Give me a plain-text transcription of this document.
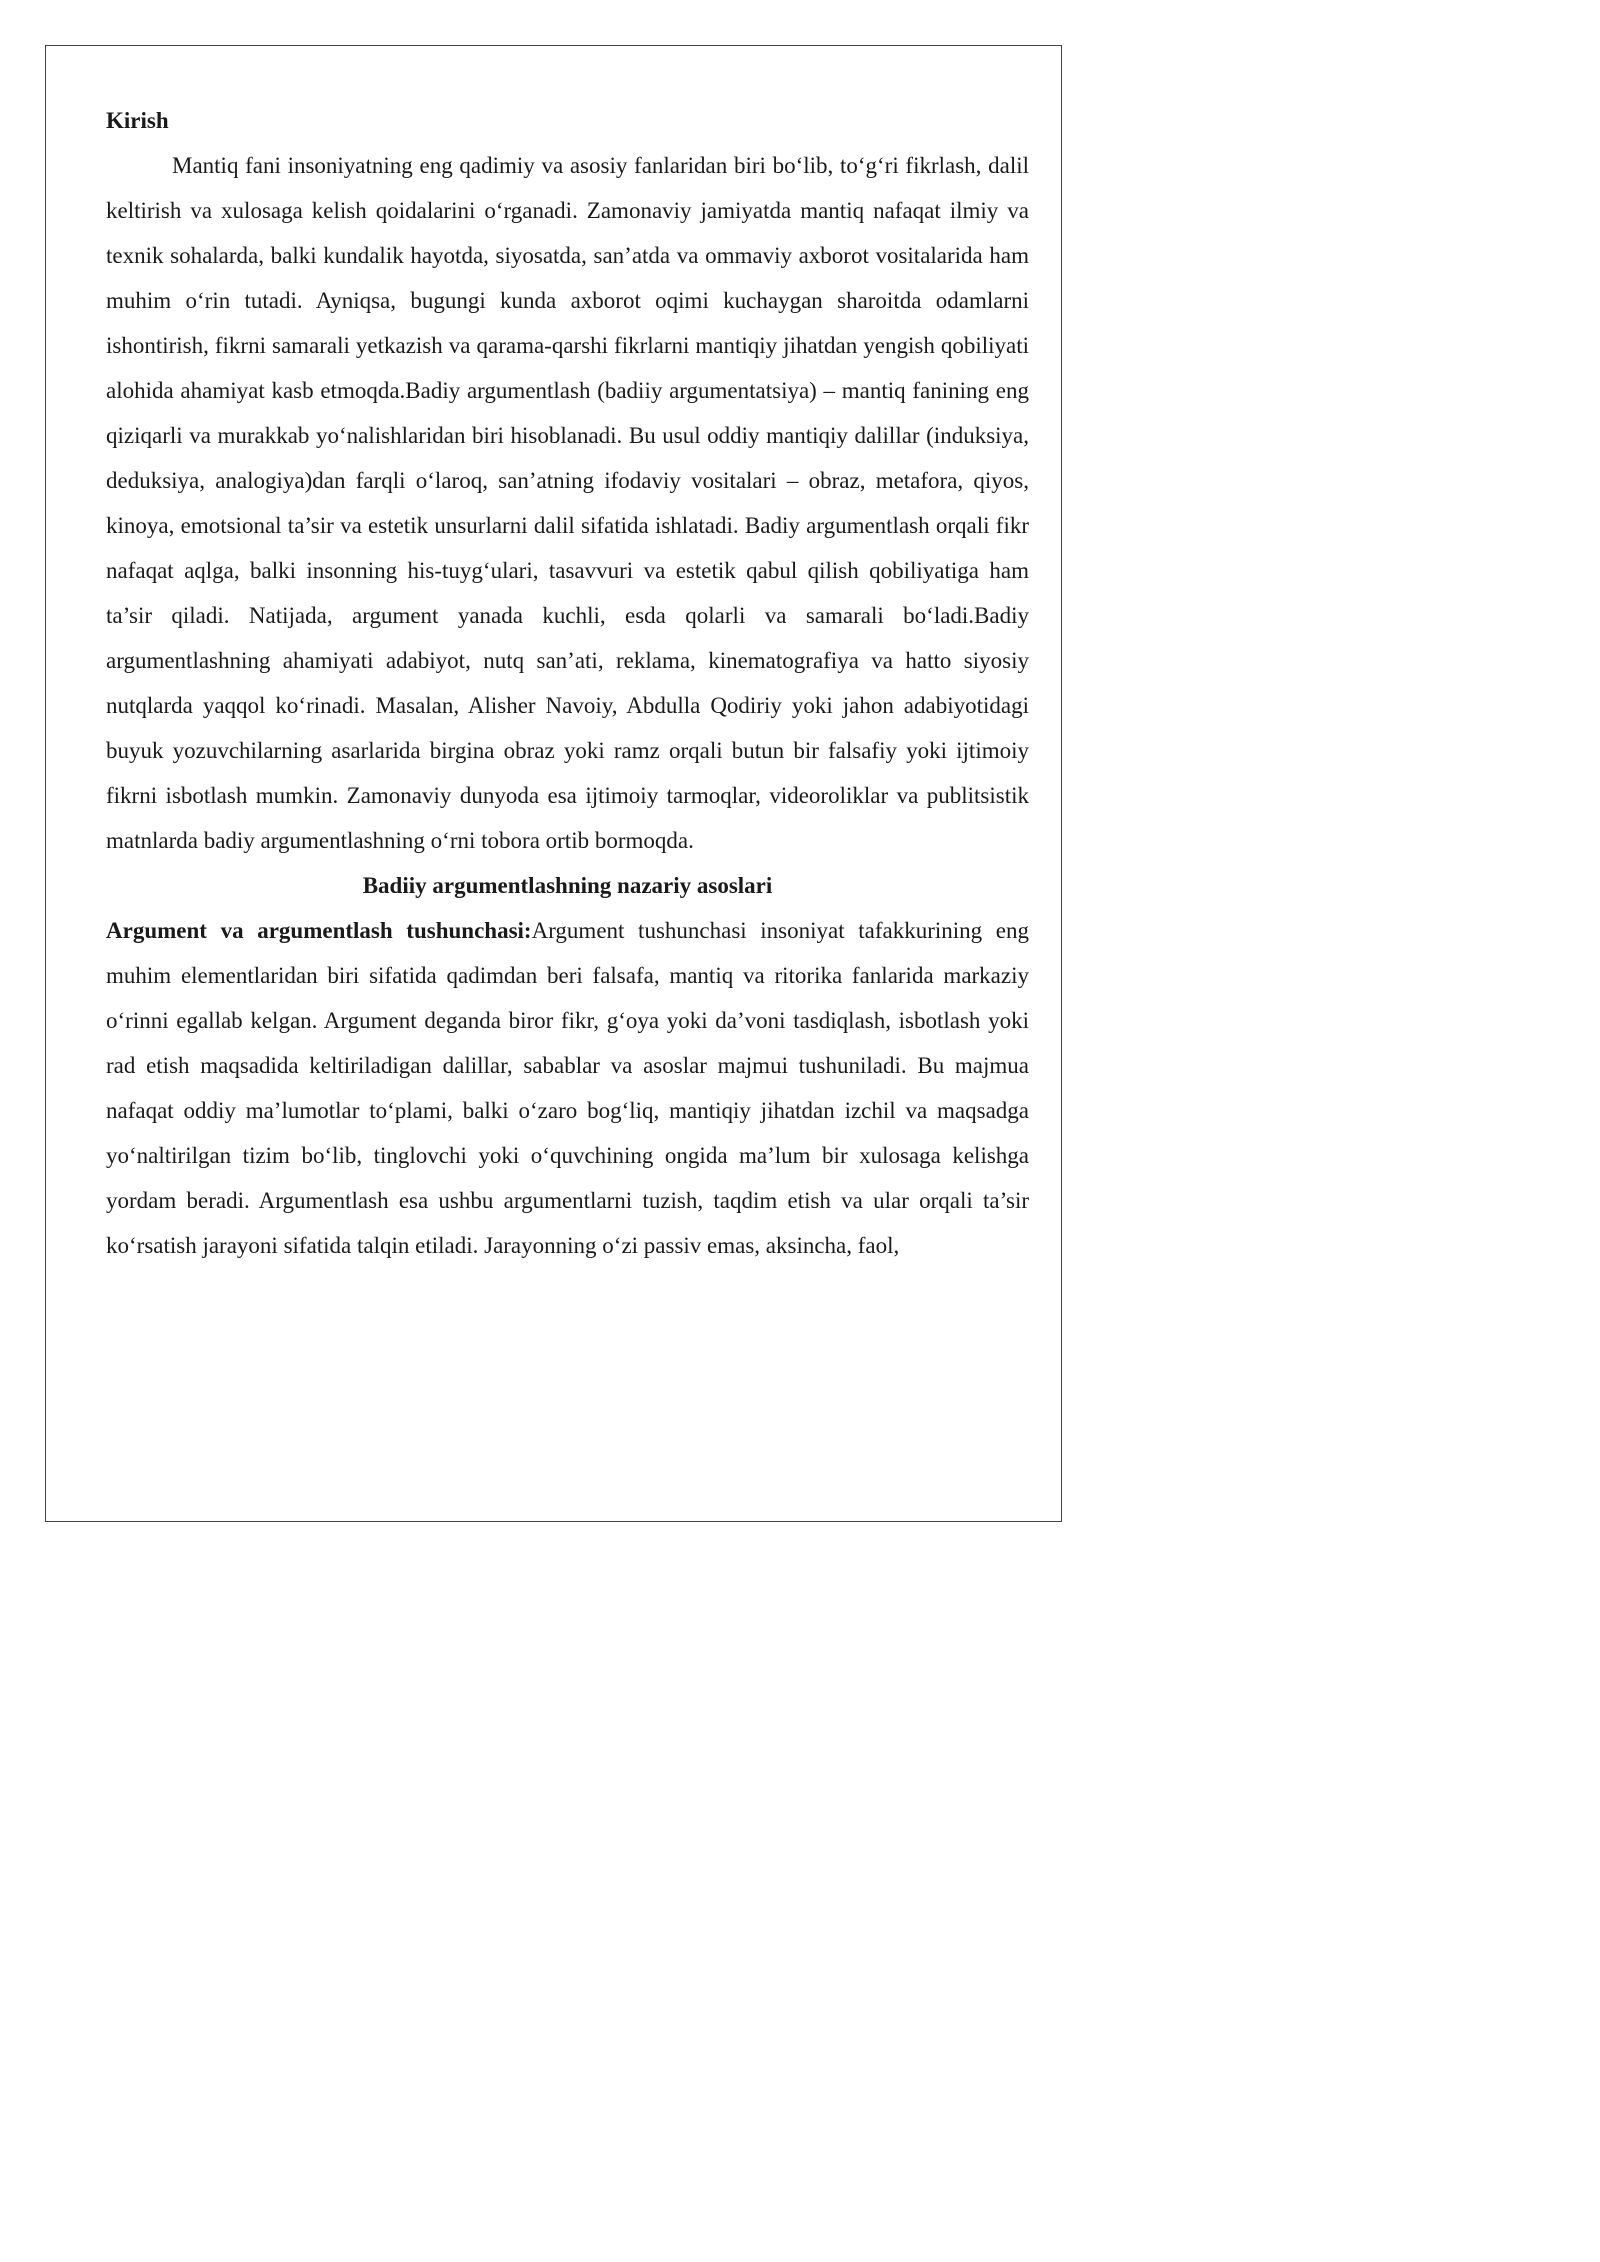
Kirish

Mantiq fani insoniyatning eng qadimiy va asosiy fanlaridan biri bo‘lib, to‘g‘ri fikrlash, dalil keltirish va xulosaga kelish qoidalarini o‘rganadi. Zamonaviy jamiyatda mantiq nafaqat ilmiy va texnik sohalarda, balki kundalik hayotda, siyosatda, san’atda va ommaviy axborot vositalarida ham muhim o‘rin tutadi. Ayniqsa, bugungi kunda axborot oqimi kuchaygan sharoitda odamlarni ishontirish, fikrni samarali yetkazish va qarama-qarshi fikrlarni mantiqiy jihatdan yengish qobiliyati alohida ahamiyat kasb etmoqda.Badiy argumentlash (badiiy argumentatsiya) – mantiq fanining eng qiziqarli va murakkab yo‘nalishlaridan biri hisoblanadi. Bu usul oddiy mantiqiy dalillar (induksiya, deduksiya, analogiya)dan farqli o‘laroq, san’atning ifodaviy vositalari – obraz, metafora, qiyos, kinoya, emotsional ta’sir va estetik unsurlarni dalil sifatida ishlatadi. Badiy argumentlash orqali fikr nafaqat aqlga, balki insonning his-tuyg‘ulari, tasavvuri va estetik qabul qilish qobiliyatiga ham ta’sir qiladi. Natijada, argument yanada kuchli, esda qolarli va samarali bo‘ladi.Badiy argumentlashning ahamiyati adabiyot, nutq san’ati, reklama, kinematografiya va hatto siyosiy nutqlarda yaqqol ko‘rinadi. Masalan, Alisher Navoiy, Abdulla Qodiriy yoki jahon adabiyotidagi buyuk yozuvchilarning asarlarida birgina obraz yoki ramz orqali butun bir falsafiy yoki ijtimoiy fikrni isbotlash mumkin. Zamonaviy dunyoda esa ijtimoiy tarmoqlar, videoroliklar va publitsistik matnlarda badiy argumentlashning o‘rni tobora ortib bormoqda.

Badiiy argumentlashning nazariy asoslari

Argument va argumentlash tushunchasi:Argument tushunchasi insoniyat tafakkurining eng muhim elementlaridan biri sifatida qadimdan beri falsafa, mantiq va ritorika fanlarida markaziy o‘rinni egallab kelgan. Argument deganda biror fikr, g‘oya yoki da’voni tasdiqlash, isbotlash yoki rad etish maqsadida keltiriladigan dalillar, sabablar va asoslar majmui tushuniladi. Bu majmua nafaqat oddiy ma’lumotlar to‘plami, balki o‘zaro bog‘liq, mantiqiy jihatdan izchil va maqsadga yo‘naltirilgan tizim bo‘lib, tinglovchi yoki o‘quvchining ongida ma’lum bir xulosaga kelishga yordam beradi. Argumentlash esa ushbu argumentlarni tuzish, taqdim etish va ular orqali ta’sir ko‘rsatish jarayoni sifatida talqin etiladi. Jarayonning o‘zi passiv emas, aksincha, faol,
